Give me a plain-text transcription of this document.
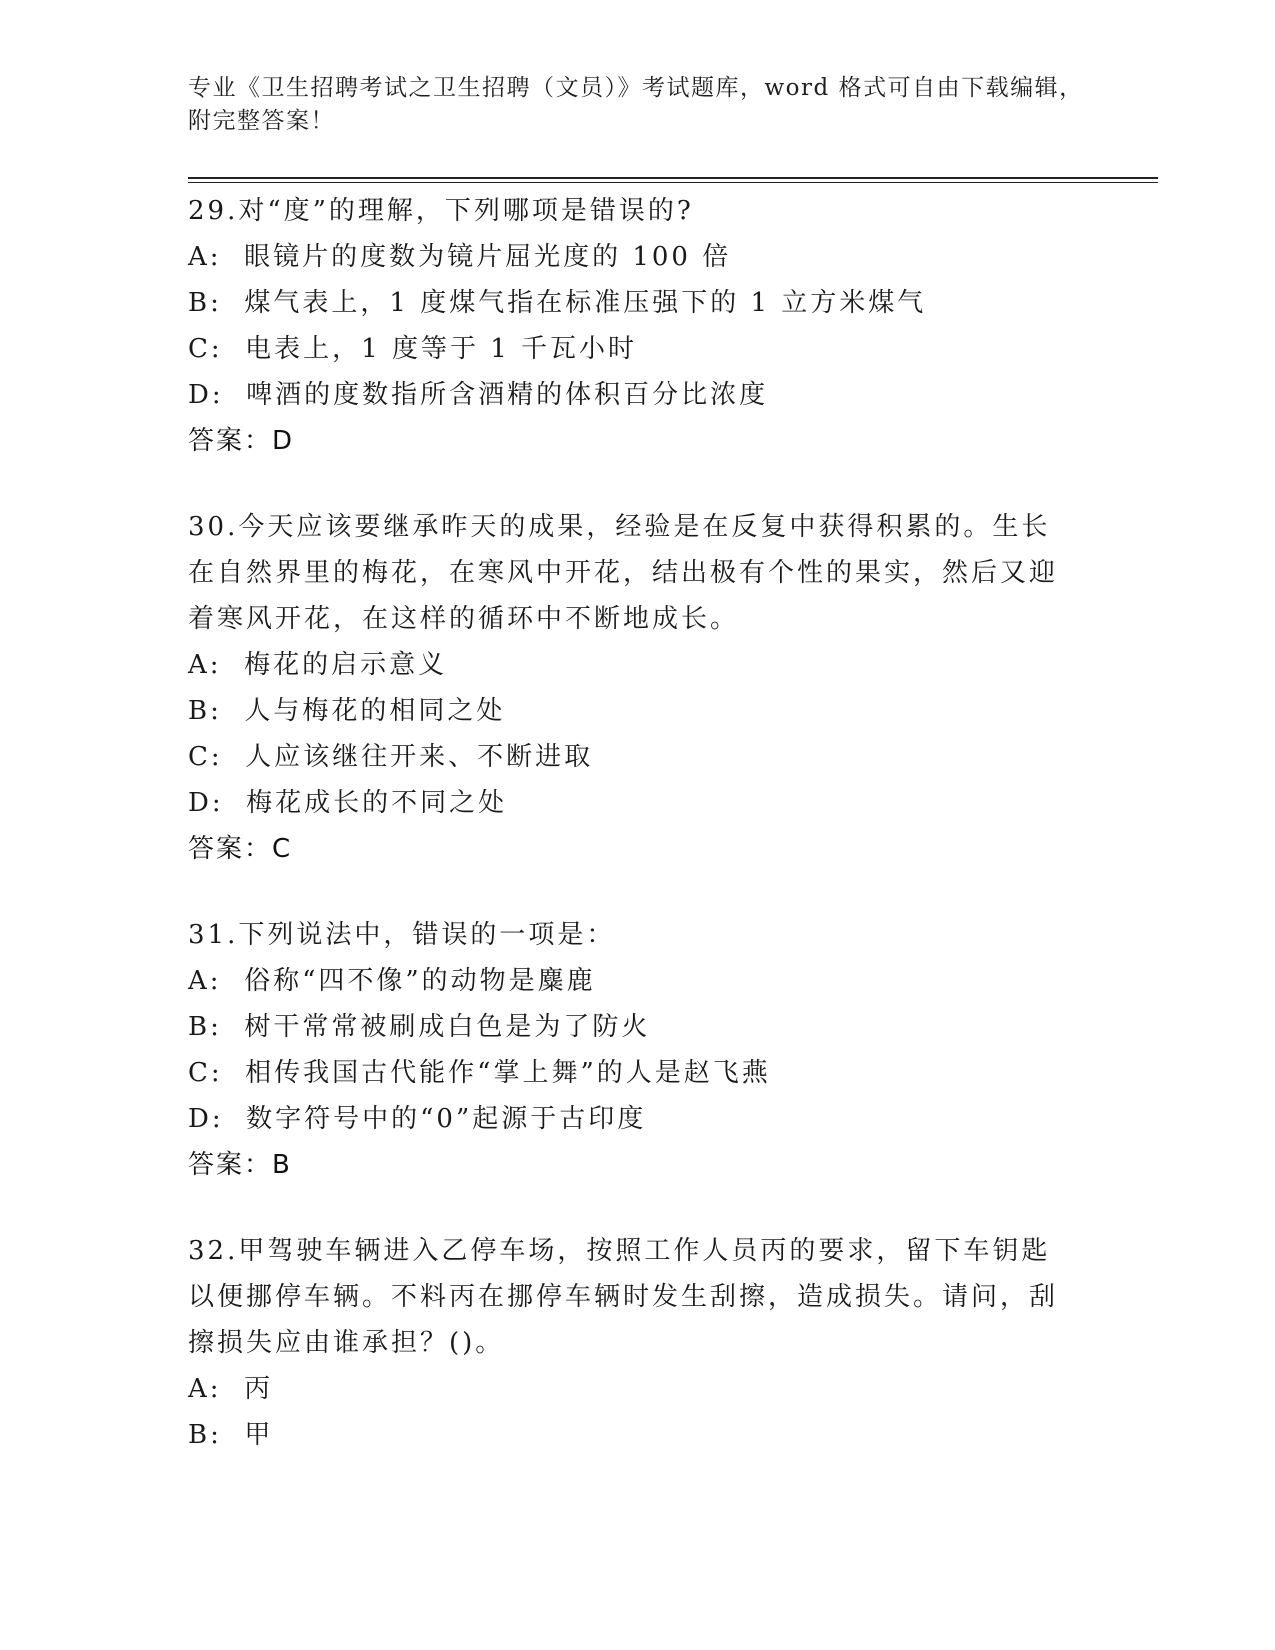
专业《卫生招聘考试之卫生招聘（文员）》考试题库，word 格式可自由下载编辑，附完整答案！
29.对“度”的理解，下列哪项是错误的?
A:  眼镜片的度数为镜片屈光度的 100 倍
B:  煤气表上，1 度煤气指在标准压强下的 1 立方米煤气
C:  电表上，1 度等于 1 千瓦小时
D:  啤酒的度数指所含酒精的体积百分比浓度
答案：D
30.今天应该要继承昨天的成果，经验是在反复中获得积累的。生长在自然界里的梅花，在寒风中开花，结出极有个性的果实，然后又迎着寒风开花，在这样的循环中不断地成长。
A:  梅花的启示意义
B:  人与梅花的相同之处
C:  人应该继往开来、不断进取
D:  梅花成长的不同之处
答案：C
31.下列说法中，错误的一项是：
A:  俗称“四不像”的动物是麋鹿
B:  树干常常被刷成白色是为了防火
C:  相传我国古代能作“掌上舞”的人是赵飞燕
D:  数字符号中的“0”起源于古印度
答案：B
32.甲驾驶车辆进入乙停车场，按照工作人员丙的要求，留下车钥匙以便挪停车辆。不料丙在挪停车辆时发生刮擦，造成损失。请问，刮擦损失应由谁承担？()。
A:  丙
B:  甲
